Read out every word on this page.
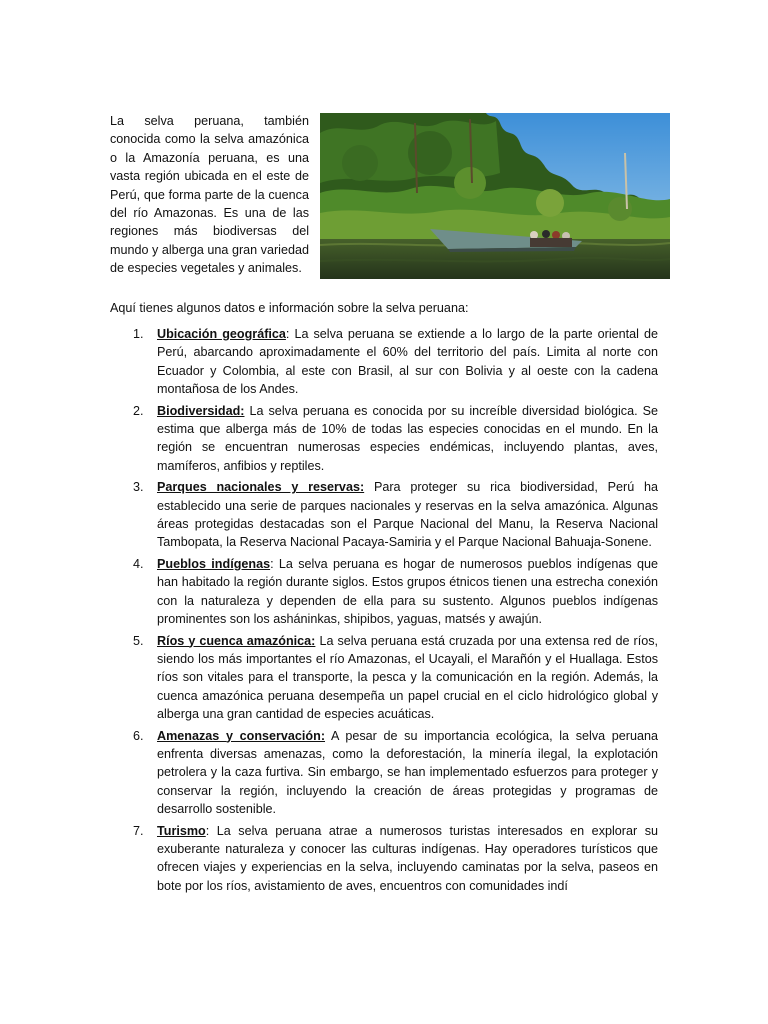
La selva peruana, también conocida como la selva amazónica o la Amazonía peruana, es una vasta región ubicada en el este de Perú, que forma parte de la cuenca del río Amazonas. Es una de las regiones más biodiversas del mundo y alberga una gran variedad de especies vegetales y animales.

Aquí tienes algunos datos e información sobre la selva peruana:

1. Ubicación geográfica: La selva peruana se extiende a lo largo de la parte oriental de Perú, abarcando aproximadamente el 60% del territorio del país. Limita al norte con Ecuador y Colombia, al este con Brasil, al sur con Bolivia y al oeste con la cadena montañosa de los Andes.
2. Biodiversidad: La selva peruana es conocida por su increíble diversidad biológica. Se estima que alberga más de 10% de todas las especies conocidas en el mundo. En la región se encuentran numerosas especies endémicas, incluyendo plantas, aves, mamíferos, anfibios y reptiles.
3. Parques nacionales y reservas: Para proteger su rica biodiversidad, Perú ha establecido una serie de parques nacionales y reservas en la selva amazónica. Algunas áreas protegidas destacadas son el Parque Nacional del Manu, la Reserva Nacional Tambopata, la Reserva Nacional Pacaya-Samiria y el Parque Nacional Bahuaja-Sonene.
4. Pueblos indígenas: La selva peruana es hogar de numerosos pueblos indígenas que han habitado la región durante siglos. Estos grupos étnicos tienen una estrecha conexión con la naturaleza y dependen de ella para su sustento. Algunos pueblos indígenas prominentes son los asháninkas, shipibos, yaguas, matsés y awajún.
5. Ríos y cuenca amazónica: La selva peruana está cruzada por una extensa red de ríos, siendo los más importantes el río Amazonas, el Ucayali, el Marañón y el Huallaga. Estos ríos son vitales para el transporte, la pesca y la comunicación en la región. Además, la cuenca amazónica peruana desempeña un papel crucial en el ciclo hidrológico global y alberga una gran cantidad de especies acuáticas.
6. Amenazas y conservación: A pesar de su importancia ecológica, la selva peruana enfrenta diversas amenazas, como la deforestación, la minería ilegal, la explotación petrolera y la caza furtiva. Sin embargo, se han implementado esfuerzos para proteger y conservar la región, incluyendo la creación de áreas protegidas y programas de desarrollo sostenible.
7. Turismo: La selva peruana atrae a numerosos turistas interesados en explorar su exuberante naturaleza y conocer las culturas indígenas. Hay operadores turísticos que ofrecen viajes y experiencias en la selva, incluyendo caminatas por la selva, paseos en bote por los ríos, avistamiento de aves, encuentros con comunidades indí
